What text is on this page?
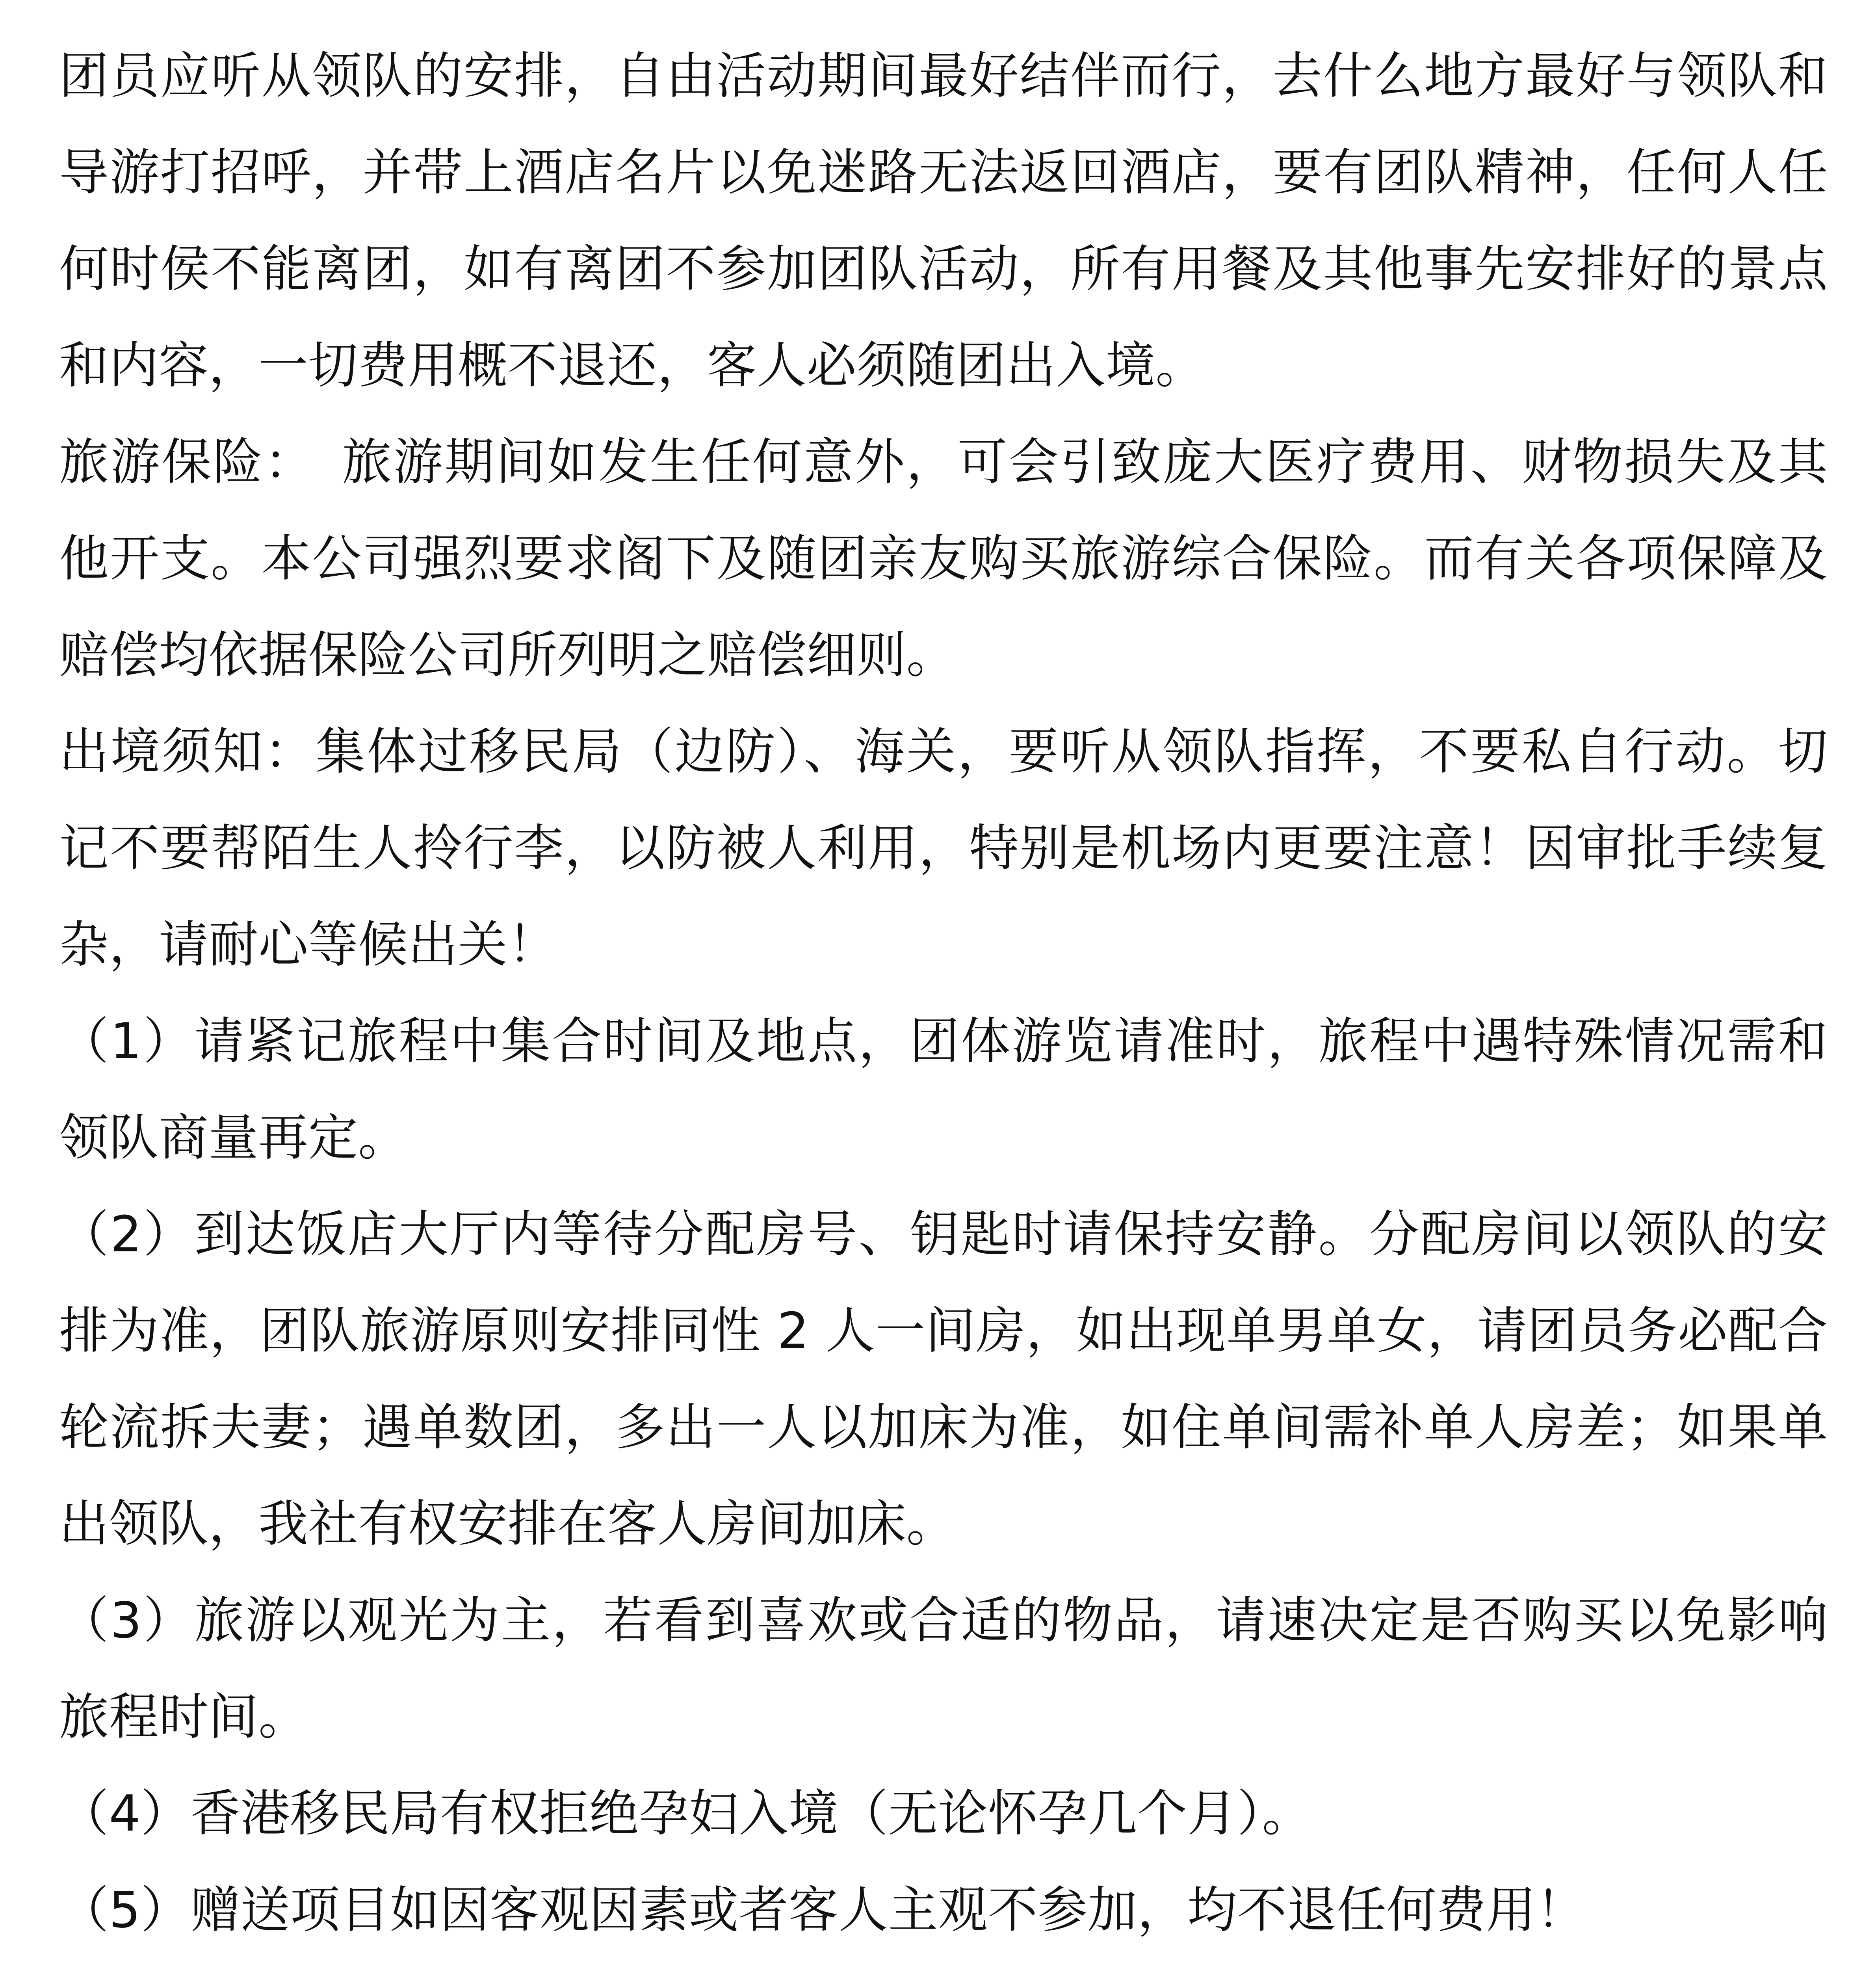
团员应听从领队的安排，自由活动期间最好结伴而行，去什么地方最好与领队和导游打招呼，并带上酒店名片以免迷路无法返回酒店，要有团队精神，任何人任何时侯不能离团，如有离团不参加团队活动，所有用餐及其他事先安排好的景点和内容，一切费用概不退还，客人必须随团出入境。

旅游保险：　旅游期间如发生任何意外，可会引致庞大医疗费用、财物损失及其他开支。本公司强烈要求阁下及随团亲友购买旅游综合保险。而有关各项保障及赔偿均依据保险公司所列明之赔偿细则。

出境须知：集体过移民局（边防）、海关，要听从领队指挥，不要私自行动。切记不要帮陌生人拎行李，以防被人利用，特别是机场内更要注意！因审批手续复杂，请耐心等候出关！

（1）请紧记旅程中集合时间及地点，团体游览请准时，旅程中遇特殊情况需和领队商量再定。

（2）到达饭店大厅内等待分配房号、钥匙时请保持安静。分配房间以领队的安排为准，团队旅游原则安排同性 2 人一间房，如出现单男单女，请团员务必配合轮流拆夫妻；遇单数团，多出一人以加床为准，如住单间需补单人房差；如果单出领队，我社有权安排在客人房间加床。

（3）旅游以观光为主，若看到喜欢或合适的物品，请速决定是否购买以免影响旅程时间。

（4）香港移民局有权拒绝孕妇入境（无论怀孕几个月）。

（5）赠送项目如因客观因素或者客人主观不参加，均不退任何费用！
